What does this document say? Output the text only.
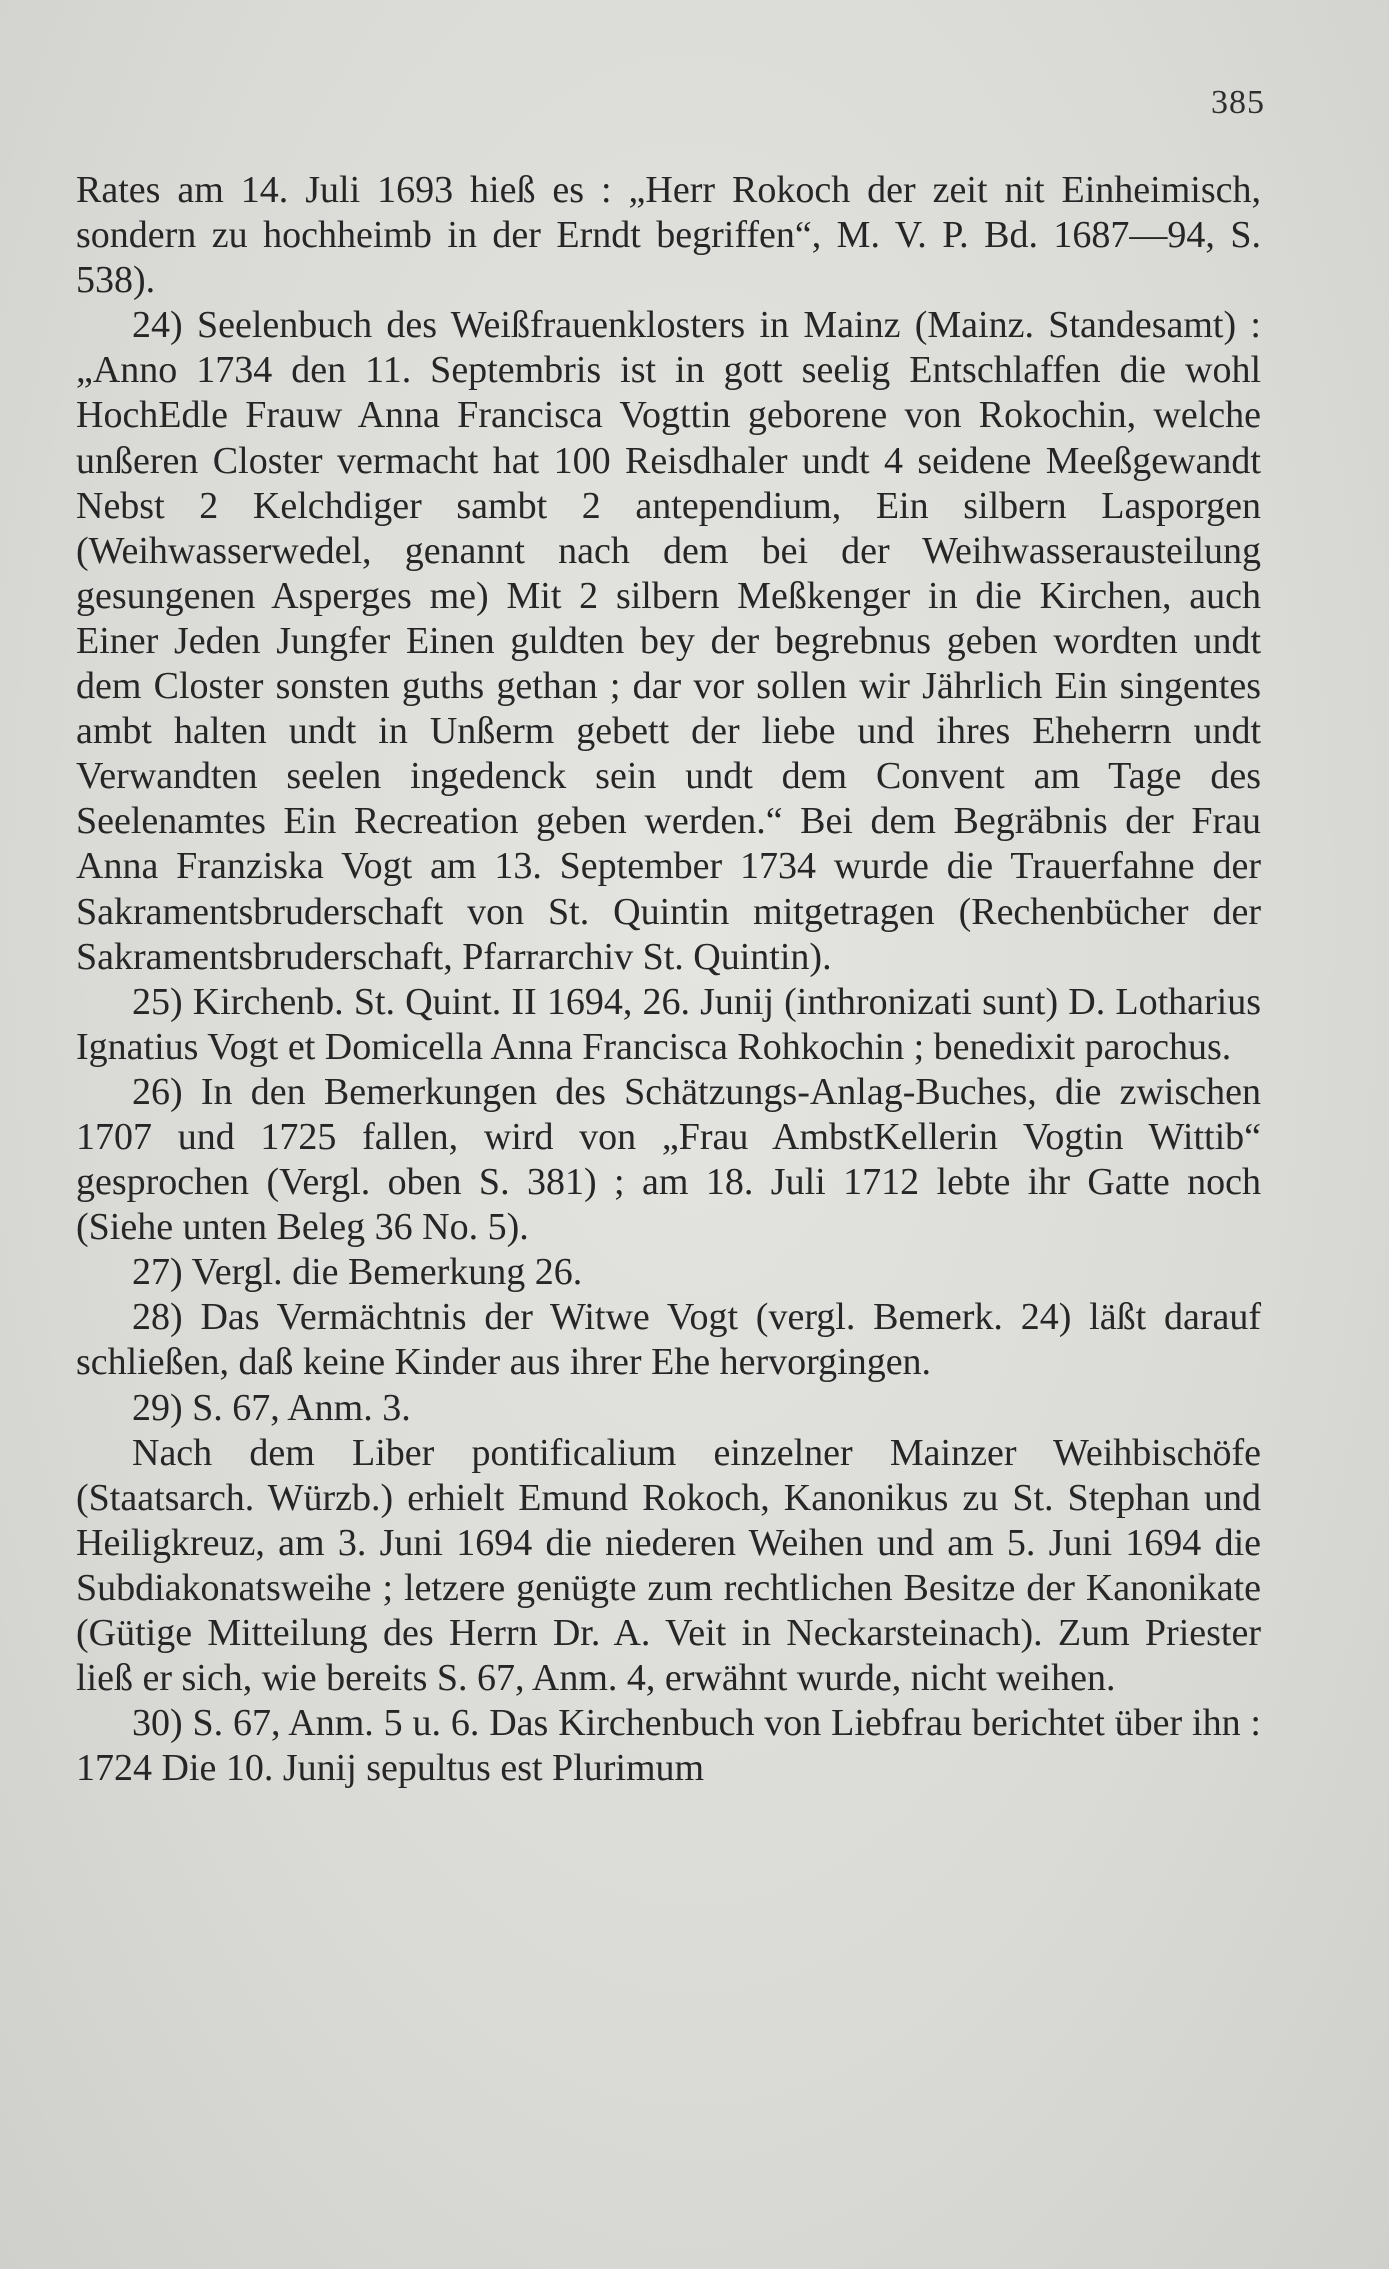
385

Rates am 14. Juli 1693 hieß es : „Herr Rokoch der zeit nit Einheimisch, sondern zu hochheimb in der Erndt begriffen“, M. V. P. Bd. 1687—94, S. 538).

24) Seelenbuch des Weißfrauenklosters in Mainz (Mainz. Standesamt) : „Anno 1734 den 11. Septembris ist in gott seelig Entschlaffen die wohl HochEdle Frauw Anna Francisca Vogttin geborene von Rokochin, welche unßeren Closter vermacht hat 100 Reisdhaler undt 4 seidene Meeßgewandt Nebst 2 Kelchdiger sambt 2 antependium, Ein silbern Lasporgen (Weihwasserwedel, genannt nach dem bei der Weihwasserausteilung gesungenen Asperges me) Mit 2 silbern Meßkenger in die Kirchen, auch Einer Jeden Jungfer Einen guldten bey der begrebnus geben wordten undt dem Closter sonsten guths gethan ; dar vor sollen wir Jährlich Ein singentes ambt halten undt in Unßerm gebett der liebe und ihres Eheherrn undt Verwandten seelen ingedenck sein undt dem Convent am Tage des Seelenamtes Ein Recreation geben werden.“ Bei dem Begräbnis der Frau Anna Franziska Vogt am 13. September 1734 wurde die Trauerfahne der Sakramentsbruderschaft von St. Quintin mitgetragen (Rechenbücher der Sakramentsbruderschaft, Pfarrarchiv St. Quintin).

25) Kirchenb. St. Quint. II 1694, 26. Junij (inthronizati sunt) D. Lotharius Ignatius Vogt et Domicella Anna Francisca Rohkochin ; benedixit parochus.

26) In den Bemerkungen des Schätzungs-Anlag-Buches, die zwischen 1707 und 1725 fallen, wird von „Frau AmbstKellerin Vogtin Wittib“ gesprochen (Vergl. oben S. 381) ; am 18. Juli 1712 lebte ihr Gatte noch (Siehe unten Beleg 36 No. 5).

27) Vergl. die Bemerkung 26.

28) Das Vermächtnis der Witwe Vogt (vergl. Bemerk. 24) läßt darauf schließen, daß keine Kinder aus ihrer Ehe hervorgingen.

29) S. 67, Anm. 3.

Nach dem Liber pontificalium einzelner Mainzer Weihbischöfe (Staatsarch. Würzb.) erhielt Emund Rokoch, Kanonikus zu St. Stephan und Heiligkreuz, am 3. Juni 1694 die niederen Weihen und am 5. Juni 1694 die Subdiakonatsweihe ; letzere genügte zum rechtlichen Besitze der Kanonikate (Gütige Mitteilung des Herrn Dr. A. Veit in Neckarsteinach). Zum Priester ließ er sich, wie bereits S. 67, Anm. 4, erwähnt wurde, nicht weihen.

30) S. 67, Anm. 5 u. 6. Das Kirchenbuch von Liebfrau berichtet über ihn : 1724 Die 10. Junij sepultus est Plurimum
